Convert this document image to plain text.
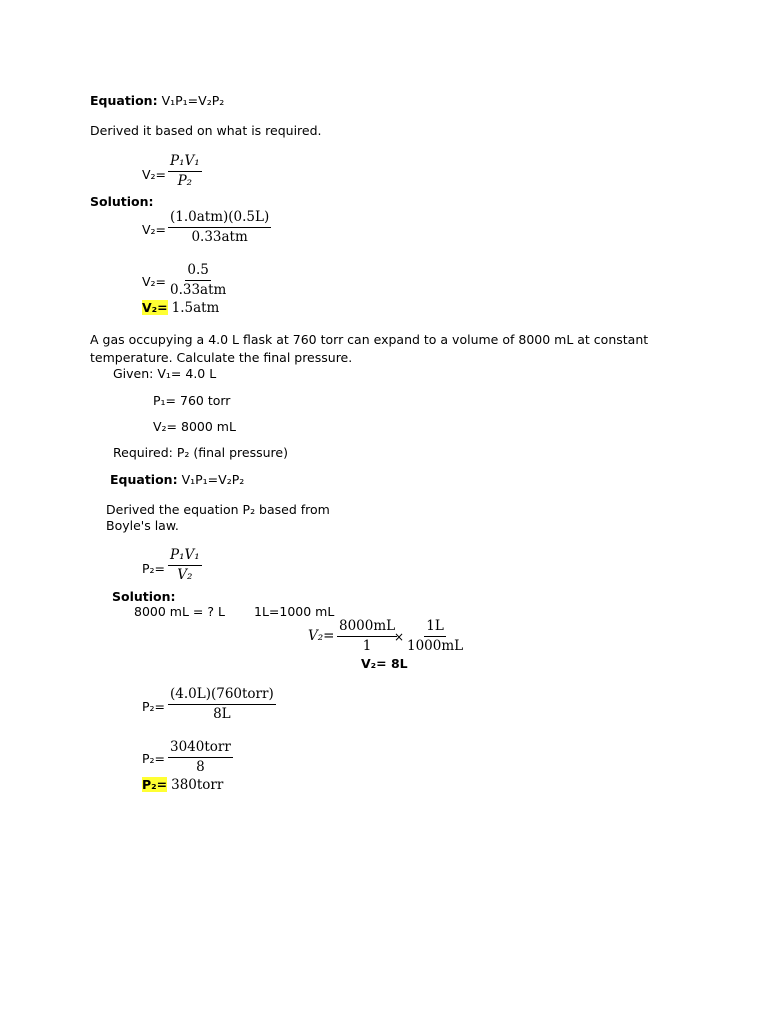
Equation: V₁P₁=V₂P₂
Derived it based on what is required.
$V_2= \frac{\text{P₁V₁}}{\text{P₂}}$
Solution:
V₂=
(1.0atm)(0.5L)
0.33atm
V₂=
0.5
0.33atm
V₂= 1.5atm
A gas occupying a 4.0 L flask at 760 torr can expand to a volume of 8000 mL at constant temperature. Calculate the final pressure.
Given: V₁= 4.0 L
P₁= 760 torr
V₂= 8000 mL
Required: P₂ (final pressure)
Equation: V₁P₁=V₂P₂
Derived the equation P₂ based from
Boyle's law.
$P_2= \frac{\text{P₁V₁}}{\text{V₂}}$
Solution:
8000 mL = ? L 1L=1000 mL
$V_2= \frac{8000mL}{1}$
× $\frac{1L}{1000mL}$
V₂= 8L
P₂=
(4.0L)(760torr)
8L
P₂=
3040torr
8
P₂= 380torr
